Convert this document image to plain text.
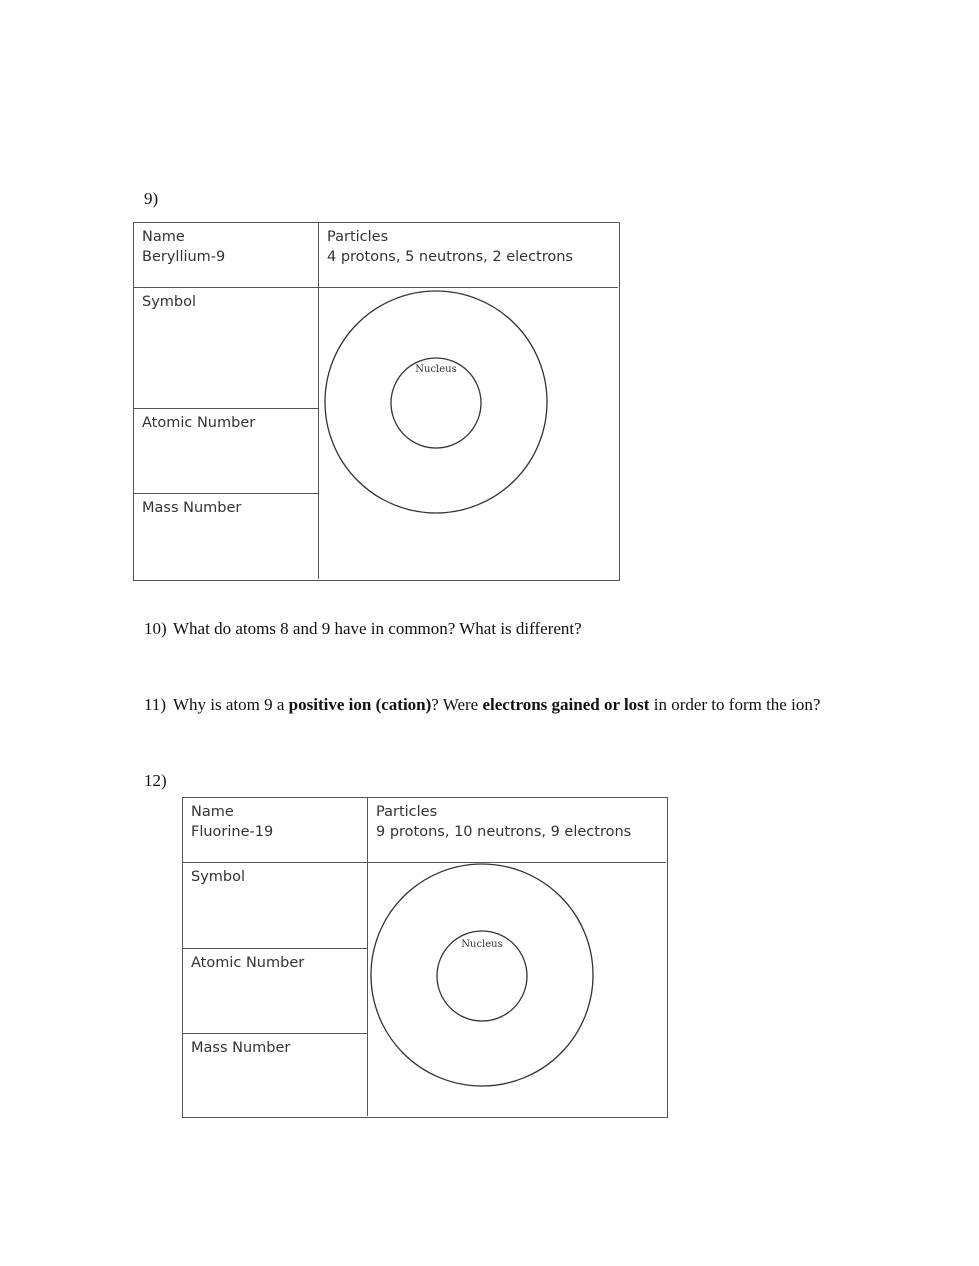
9)
Name
Beryllium-9
Particles
4 protons, 5 neutrons, 2 electrons
Symbol
Atomic Number
Mass Number
Nucleus
10) What do atoms 8 and 9 have in common? What is different?
11) Why is atom 9 a positive ion (cation)? Were electrons gained or lost in order to form the ion?
12)
Name
Fluorine-19
Particles
9 protons, 10 neutrons, 9 electrons
Symbol
Atomic Number
Mass Number
Nucleus
